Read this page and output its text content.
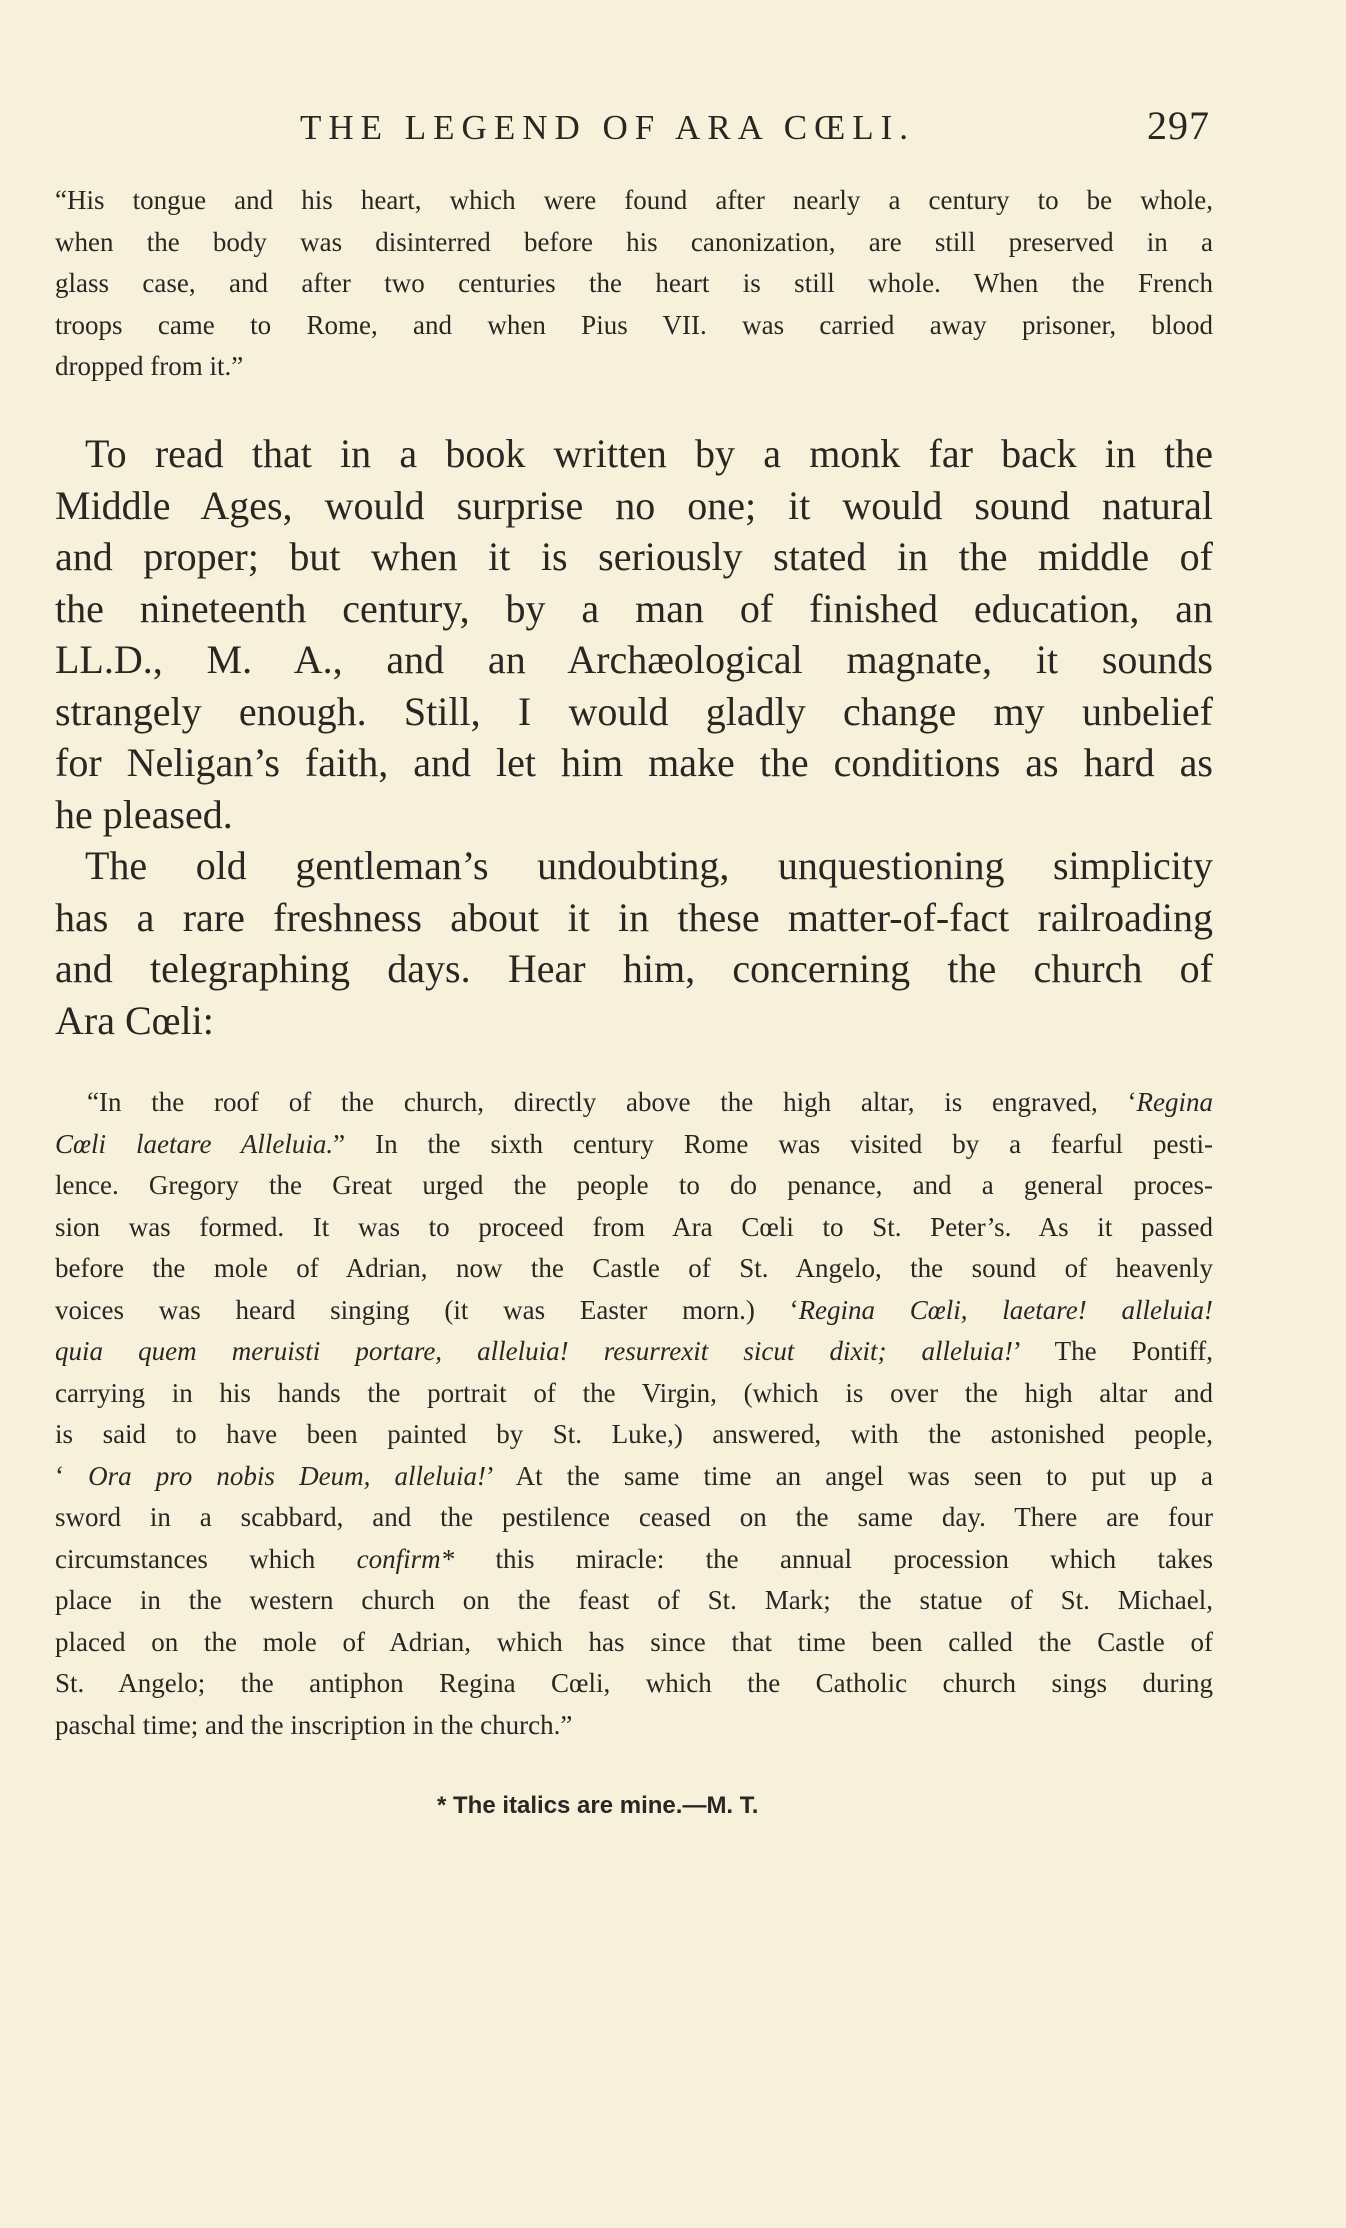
THE LEGEND OF ARA CŒLI.	297
“His tongue and his heart, which were found after nearly a century to be whole,
when the body was disinterred before his canonization, are still preserved in a
glass case, and after two centuries the heart is still whole. When the French
troops came to Rome, and when Pius VII. was carried away prisoner, blood
dropped from it.”
To read that in a book written by a monk far back in the
Middle Ages, would surprise no one; it would sound natural
and proper; but when it is seriously stated in the middle of
the nineteenth century, by a man of finished education, an
LL.D., M. A., and an Archæological magnate, it sounds
strangely enough. Still, I would gladly change my unbelief
for Neligan’s faith, and let him make the conditions as hard as
he pleased.
The old gentleman’s undoubting, unquestioning simplicity
has a rare freshness about it in these matter-of-fact railroading
and telegraphing days. Hear him, concerning the church of
Ara Cœli:
“In the roof of the church, directly above the high altar, is engraved, ‘Regina
Cœli laetare Alleluia.” In the sixth century Rome was visited by a fearful pesti-
lence. Gregory the Great urged the people to do penance, and a general proces-
sion was formed. It was to proceed from Ara Cœli to St. Peter’s. As it passed
before the mole of Adrian, now the Castle of St. Angelo, the sound of heavenly
voices was heard singing (it was Easter morn.) ‘Regina Cœli, laetare! alleluia!
quia quem meruisti portare, alleluia! resurrexit sicut dixit; alleluia!’ The Pontiff,
carrying in his hands the portrait of the Virgin, (which is over the high altar and
is said to have been painted by St. Luke,) answered, with the astonished people,
‘ Ora pro nobis Deum, alleluia!’ At the same time an angel was seen to put up a
sword in a scabbard, and the pestilence ceased on the same day. There are four
circumstances which confirm* this miracle: the annual procession which takes
place in the western church on the feast of St. Mark; the statue of St. Michael,
placed on the mole of Adrian, which has since that time been called the Castle of
St. Angelo; the antiphon Regina Cœli, which the Catholic church sings during
paschal time; and the inscription in the church.”
* The italics are mine.—M. T.
